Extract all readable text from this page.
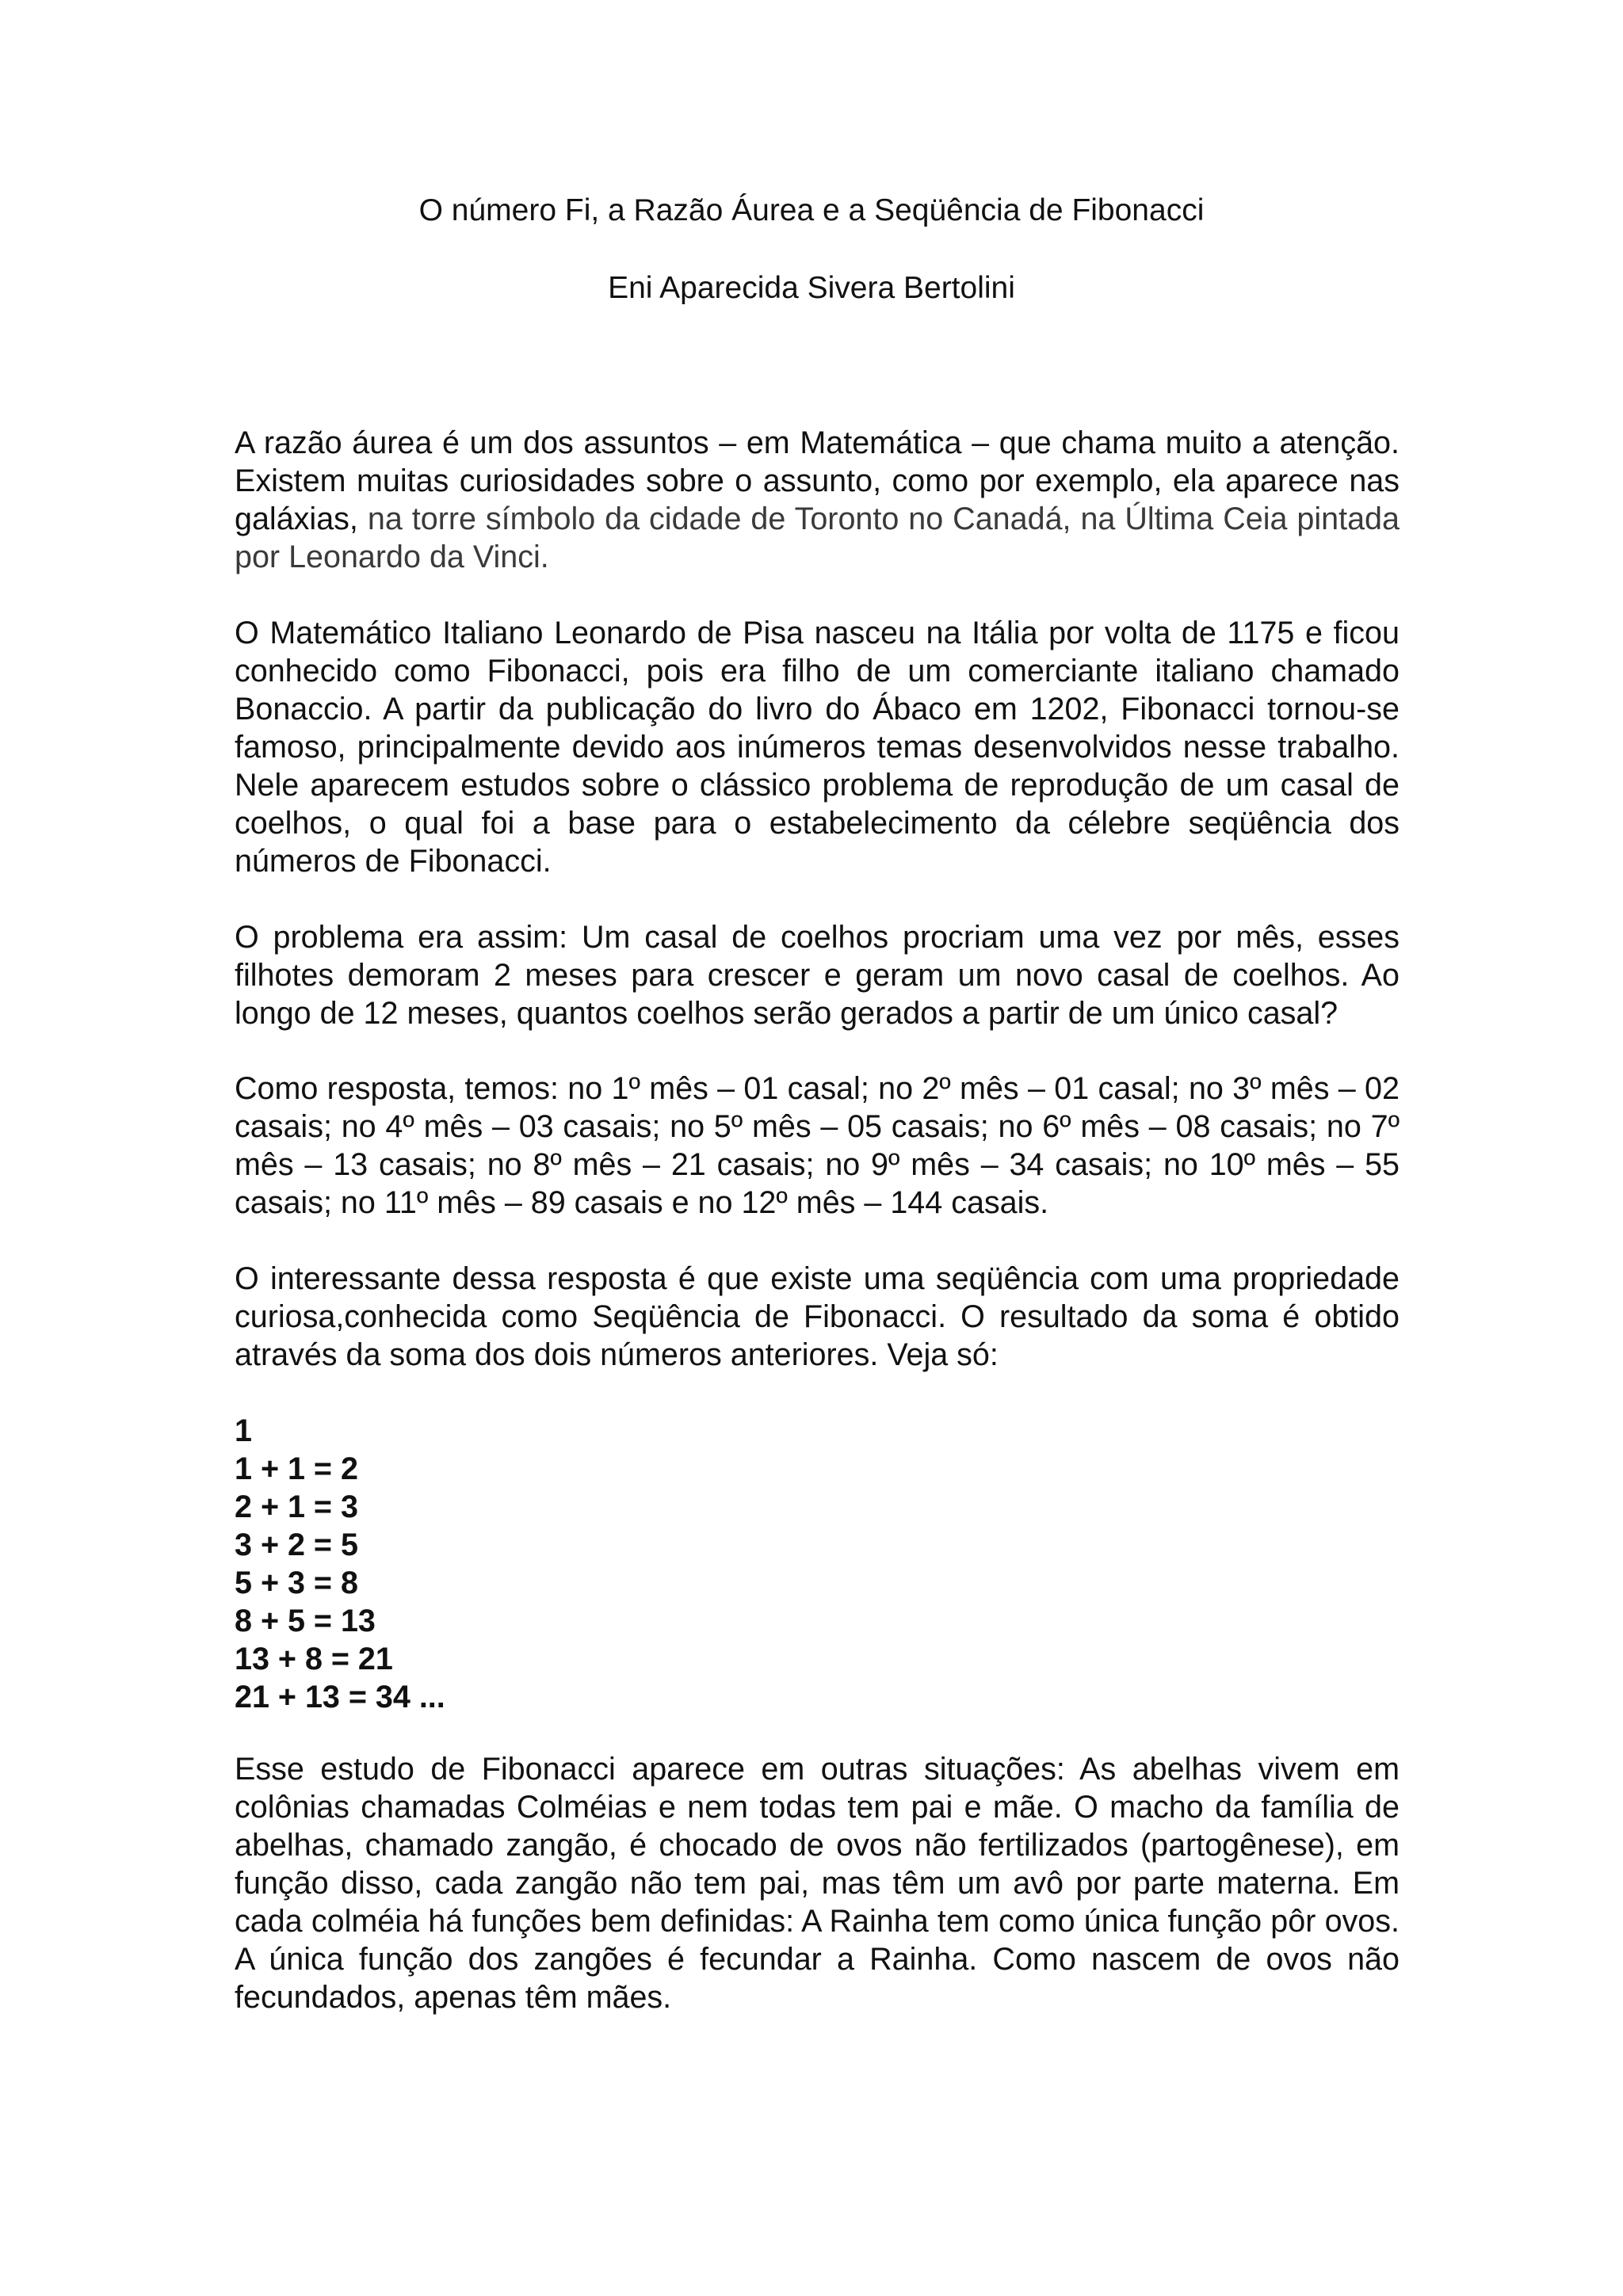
O número Fi, a Razão Áurea e a Seqüência de Fibonacci
Eni Aparecida Sivera Bertolini

A razão áurea é um dos assuntos – em Matemática – que chama muito a atenção. Existem muitas curiosidades sobre o assunto, como por exemplo, ela aparece nas galáxias, na torre símbolo da cidade de Toronto no Canadá, na Última Ceia pintada por Leonardo da Vinci.

O Matemático Italiano Leonardo de Pisa nasceu na Itália por volta de 1175 e ficou conhecido como Fibonacci, pois era filho de um comerciante italiano chamado Bonaccio. A partir da publicação do livro do Ábaco em 1202, Fibonacci tornou-se famoso, principalmente devido aos inúmeros temas desenvolvidos nesse trabalho. Nele aparecem estudos sobre o clássico problema de reprodução de um casal de coelhos, o qual foi a base para o estabelecimento da célebre seqüência dos números de Fibonacci.

O problema era assim: Um casal de coelhos procriam uma vez por mês, esses filhotes demoram 2 meses para crescer e geram um novo casal de coelhos. Ao longo de 12 meses, quantos coelhos serão gerados a partir de um único casal?

Como resposta, temos: no 1º mês – 01 casal; no 2º mês – 01 casal; no 3º mês – 02 casais; no 4º mês – 03 casais; no 5º mês – 05 casais; no 6º mês – 08 casais; no 7º mês – 13 casais; no 8º mês – 21 casais; no 9º mês – 34 casais; no 10º mês – 55 casais; no 11º mês – 89 casais e no 12º mês – 144 casais.

O interessante dessa resposta é que existe uma seqüência com uma propriedade curiosa,conhecida como Seqüência de Fibonacci. O resultado da soma é obtido através da soma dos dois números anteriores. Veja só:

1
1 + 1 = 2
2 + 1 = 3
3 + 2 = 5
5 + 3 = 8
8 + 5 = 13
13 + 8 = 21
21 + 13 = 34 ...

Esse estudo de Fibonacci aparece em outras situações: As abelhas vivem em colônias chamadas Colméias e nem todas tem pai e mãe. O macho da família de abelhas, chamado zangão, é chocado de ovos não fertilizados (partogênese), em função disso, cada zangão não tem pai, mas têm um avô por parte materna. Em cada colméia há funções bem definidas: A Rainha tem como única função pôr ovos. A única função dos zangões é fecundar a Rainha. Como nascem de ovos não fecundados, apenas têm mães.
